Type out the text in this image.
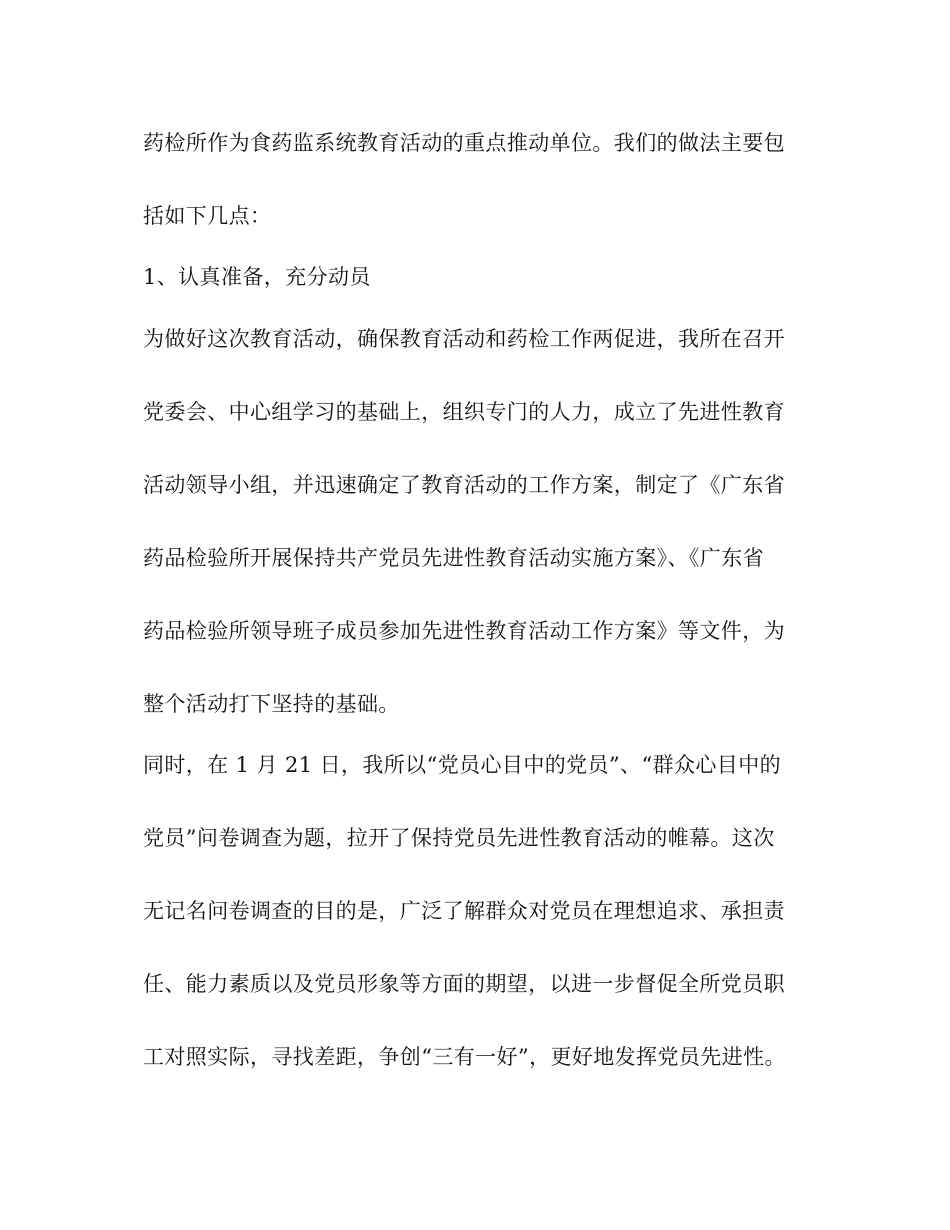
药检所作为食药监系统教育活动的重点推动单位。我们的做法主要包
括如下几点：
1、认真准备，充分动员
为做好这次教育活动，确保教育活动和药检工作两促进，我所在召开
党委会、中心组学习的基础上，组织专门的人力，成立了先进性教育
活动领导小组，并迅速确定了教育活动的工作方案，制定了《广东省
药品检验所开展保持共产党员先进性教育活动实施方案》、《广东省
药品检验所领导班子成员参加先进性教育活动工作方案》等文件，为
整个活动打下坚持的基础。
同时，在 1 月 21 日，我所以“党员心目中的党员”、“群众心目中的
党员”问卷调查为题，拉开了保持党员先进性教育活动的帷幕。这次
无记名问卷调查的目的是，广泛了解群众对党员在理想追求、承担责
任、能力素质以及党员形象等方面的期望，以进一步督促全所党员职
工对照实际，寻找差距，争创“三有一好”，更好地发挥党员先进性。
